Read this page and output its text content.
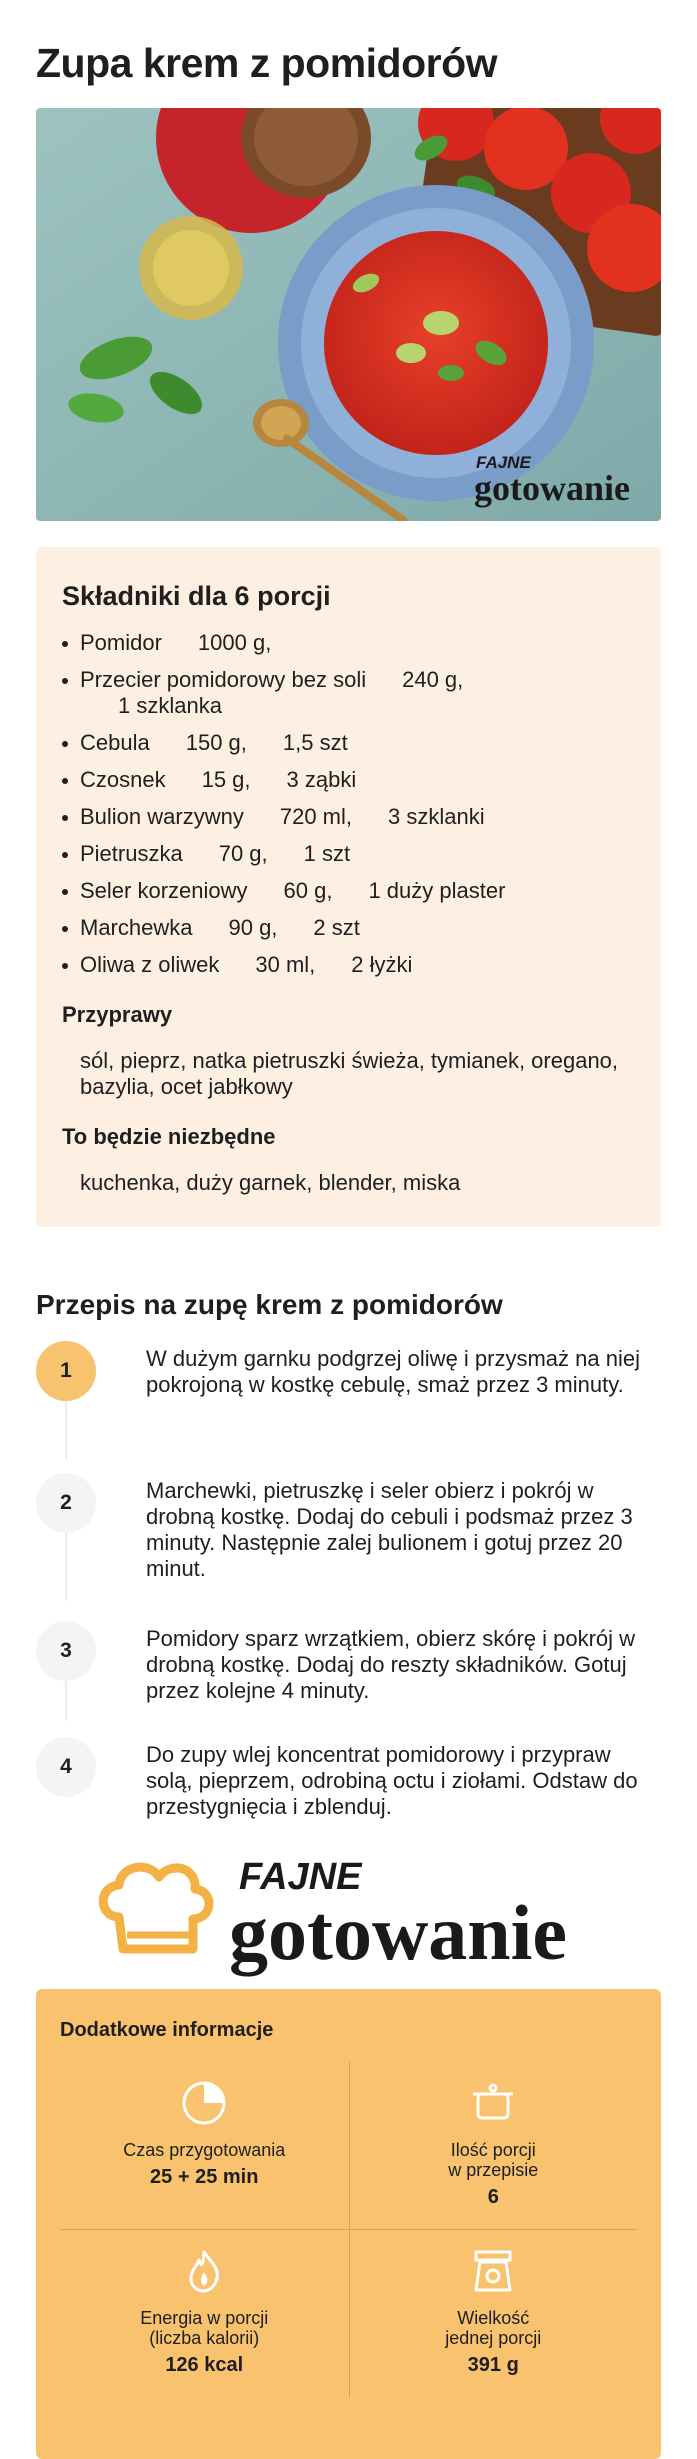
Zupa krem z pomidorów
FAJNE
gotowanie
Składniki dla 6 porcji
Pomidor 1000 g,
Przecier pomidorowy bez soli 240 g,
1 szklanka
Cebula 150 g, 1,5 szt
Czosnek 15 g, 3 ząbki
Bulion warzywny 720 ml, 3 szklanki
Pietruszka 70 g, 1 szt
Seler korzeniowy 60 g, 1 duży plaster
Marchewka 90 g, 2 szt
Oliwa z oliwek 30 ml, 2 łyżki
Przyprawy
sól, pieprz, natka pietruszki świeża, tymianek, oregano, bazylia, ocet jabłkowy
To będzie niezbędne
kuchenka, duży garnek, blender, miska
Przepis na zupę krem z pomidorów
1	W dużym garnku podgrzej oliwę i przysmaż na niej pokrojoną w kostkę cebulę, smaż przez 3 minuty.
2	Marchewki, pietruszkę i seler obierz i pokrój w drobną kostkę. Dodaj do cebuli i podsmaż przez 3 minuty. Następnie zalej bulionem i gotuj przez 20 minut.
3	Pomidory sparz wrzątkiem, obierz skórę i pokrój w drobną kostkę. Dodaj do reszty składników. Gotuj przez kolejne 4 minuty.
4	Do zupy wlej koncentrat pomidorowy i przypraw solą, pieprzem, odrobiną octu i ziołami. Odstaw do przestygnięcia i zblenduj.
FAJNE
gotowanie
Dodatkowe informacje
Czas przygotowania
25 + 25 min
Ilość porcji
w przepisie
6
Energia w porcji
(liczba kalorii)
126 kcal
Wielkość
jednej porcji
391 g
